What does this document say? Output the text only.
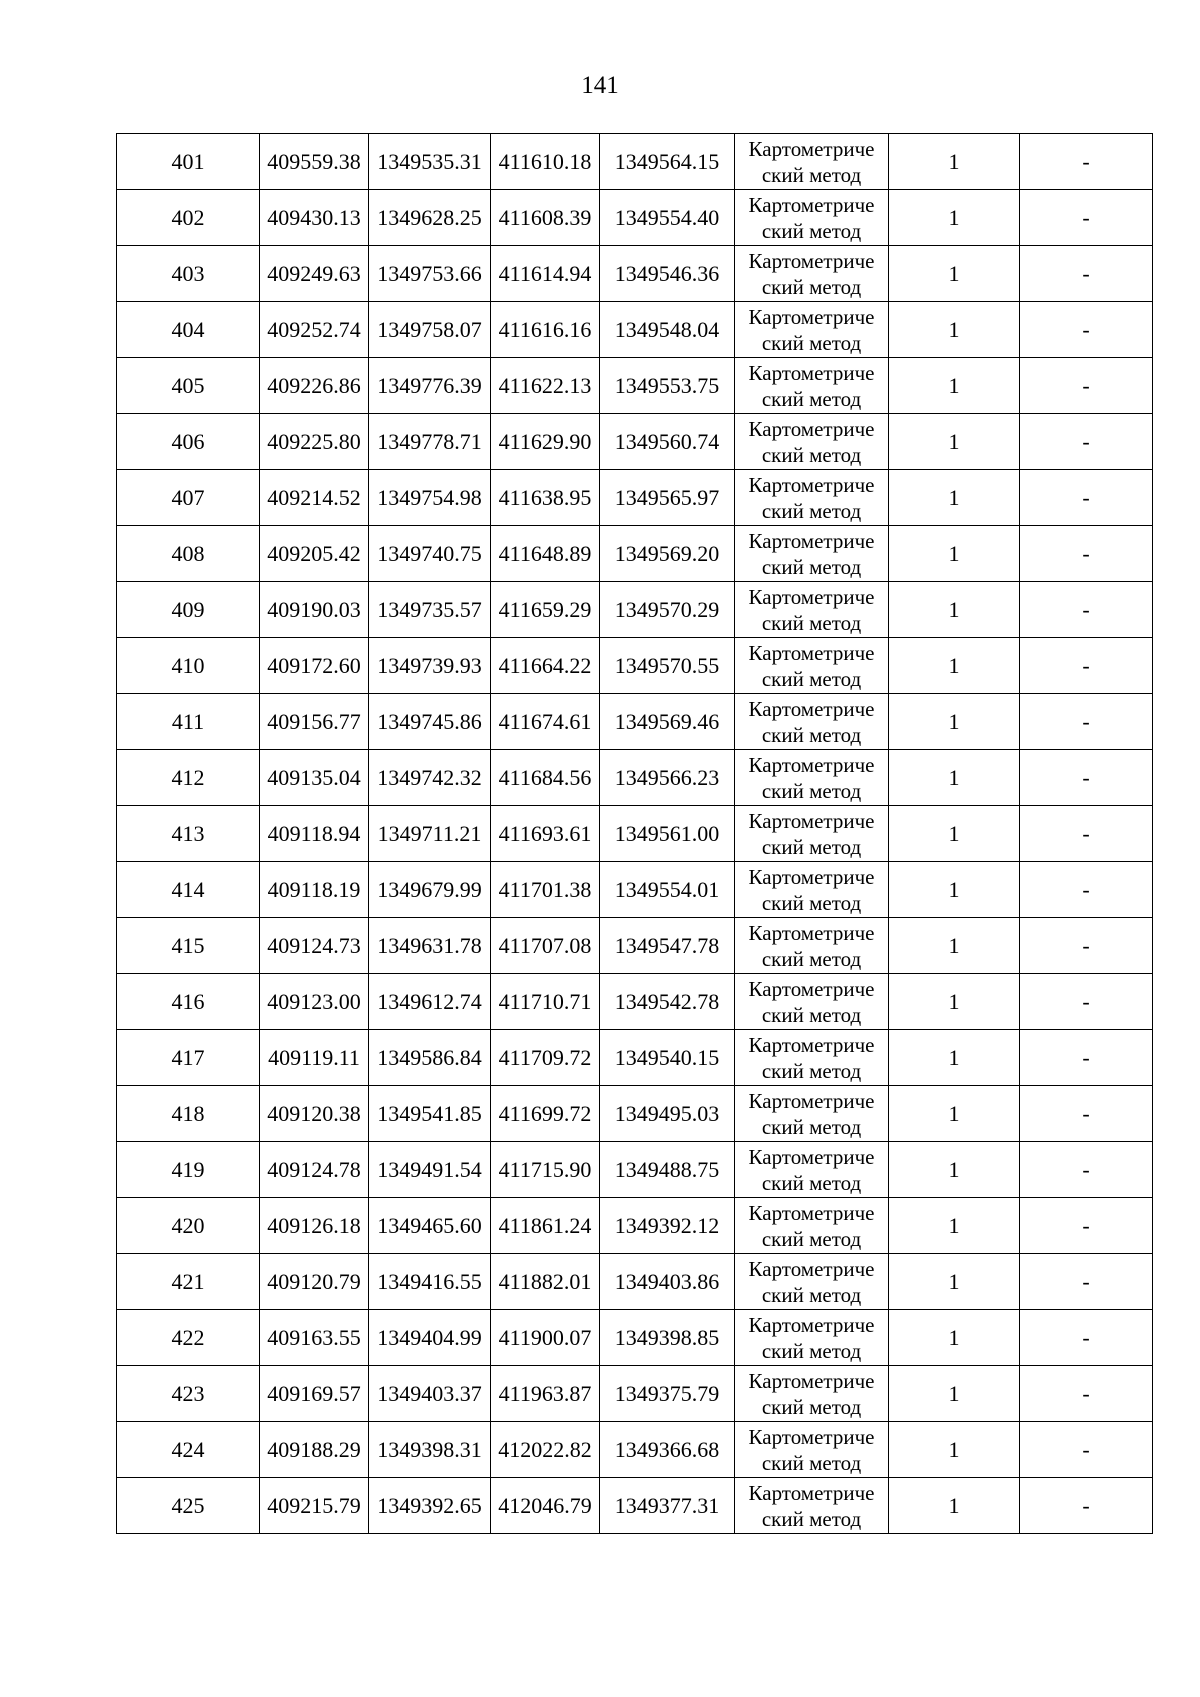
141
401	409559.38	1349535.31	411610.18	1349564.15	Картометриче
ский метод	1	-
402	409430.13	1349628.25	411608.39	1349554.40	Картометриче
ский метод	1	-
403	409249.63	1349753.66	411614.94	1349546.36	Картометриче
ский метод	1	-
404	409252.74	1349758.07	411616.16	1349548.04	Картометриче
ский метод	1	-
405	409226.86	1349776.39	411622.13	1349553.75	Картометриче
ский метод	1	-
406	409225.80	1349778.71	411629.90	1349560.74	Картометриче
ский метод	1	-
407	409214.52	1349754.98	411638.95	1349565.97	Картометриче
ский метод	1	-
408	409205.42	1349740.75	411648.89	1349569.20	Картометриче
ский метод	1	-
409	409190.03	1349735.57	411659.29	1349570.29	Картометриче
ский метод	1	-
410	409172.60	1349739.93	411664.22	1349570.55	Картометриче
ский метод	1	-
411	409156.77	1349745.86	411674.61	1349569.46	Картометриче
ский метод	1	-
412	409135.04	1349742.32	411684.56	1349566.23	Картометриче
ский метод	1	-
413	409118.94	1349711.21	411693.61	1349561.00	Картометриче
ский метод	1	-
414	409118.19	1349679.99	411701.38	1349554.01	Картометриче
ский метод	1	-
415	409124.73	1349631.78	411707.08	1349547.78	Картометриче
ский метод	1	-
416	409123.00	1349612.74	411710.71	1349542.78	Картометриче
ский метод	1	-
417	409119.11	1349586.84	411709.72	1349540.15	Картометриче
ский метод	1	-
418	409120.38	1349541.85	411699.72	1349495.03	Картометриче
ский метод	1	-
419	409124.78	1349491.54	411715.90	1349488.75	Картометриче
ский метод	1	-
420	409126.18	1349465.60	411861.24	1349392.12	Картометриче
ский метод	1	-
421	409120.79	1349416.55	411882.01	1349403.86	Картометриче
ский метод	1	-
422	409163.55	1349404.99	411900.07	1349398.85	Картометриче
ский метод	1	-
423	409169.57	1349403.37	411963.87	1349375.79	Картометриче
ский метод	1	-
424	409188.29	1349398.31	412022.82	1349366.68	Картометриче
ский метод	1	-
425	409215.79	1349392.65	412046.79	1349377.31	Картометриче
ский метод	1	-
